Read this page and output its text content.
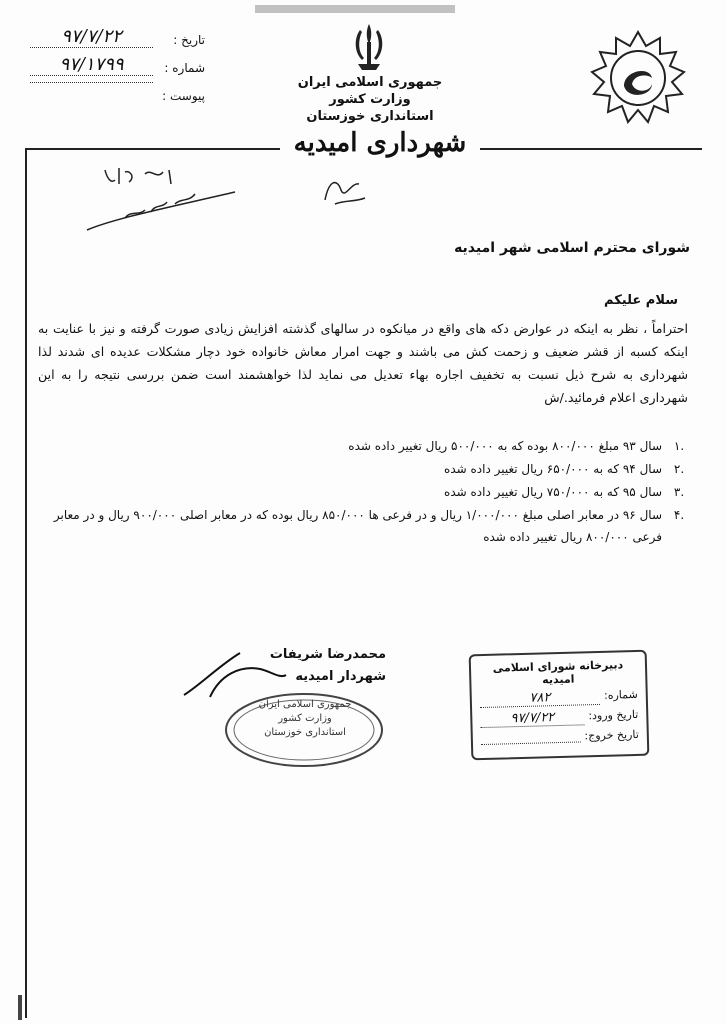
تاریخ :
۹۷/۷/۲۲
شماره :
۹۷/۱۷۹۹
پیوست :
جمهوری اسلامی ایران
وزارت کشور
استانداری خوزستان
شهرداری امیدیه
شورای محترم اسلامی شهر امیدیه
سلام علیکم
احتراماً ، نظر به اینکه در عوارض دکه های واقع در میانکوه در سالهای گذشته افزایش زیادی صورت گرفته و نیز با عنایت به اینکه کسبه از قشر ضعیف و زحمت کش می باشند و جهت امرار معاش خانواده خود دچار مشکلات عدیده ای شدند لذا شهرداری به شرح ذیل نسبت به تخفیف اجاره بهاء تعدیل می نماید لذا خواهشمند است ضمن بررسی نتیجه را به این شهرداری اعلام فرمائید./ش
.۱
سال ۹۳ مبلغ ۸۰۰/۰۰۰ بوده که به ۵۰۰/۰۰۰ ریال تغییر داده شده
.۲
سال ۹۴ که به ۶۵۰/۰۰۰ ریال تغییر داده شده
.۳
سال ۹۵ که به ۷۵۰/۰۰۰ ریال تغییر داده شده
.۴
سال ۹۶ در معابر اصلی مبلغ ۱/۰۰۰/۰۰۰ ریال و در فرعی ها ۸۵۰/۰۰۰ ریال بوده که در معابر اصلی ۹۰۰/۰۰۰ ریال و در معابر فرعی ۸۰۰/۰۰۰ ریال تغییر داده شده
محمدرضا شریفات
شهردار امیدیه
جمهوری اسلامی ایران
وزارت کشور
استانداری خوزستان
دبیرخانه شورای اسلامی امیدیه
شماره:
۷۸۲
تاریخ ورود:
۹۷/۷/۲۲
تاریخ خروج:
